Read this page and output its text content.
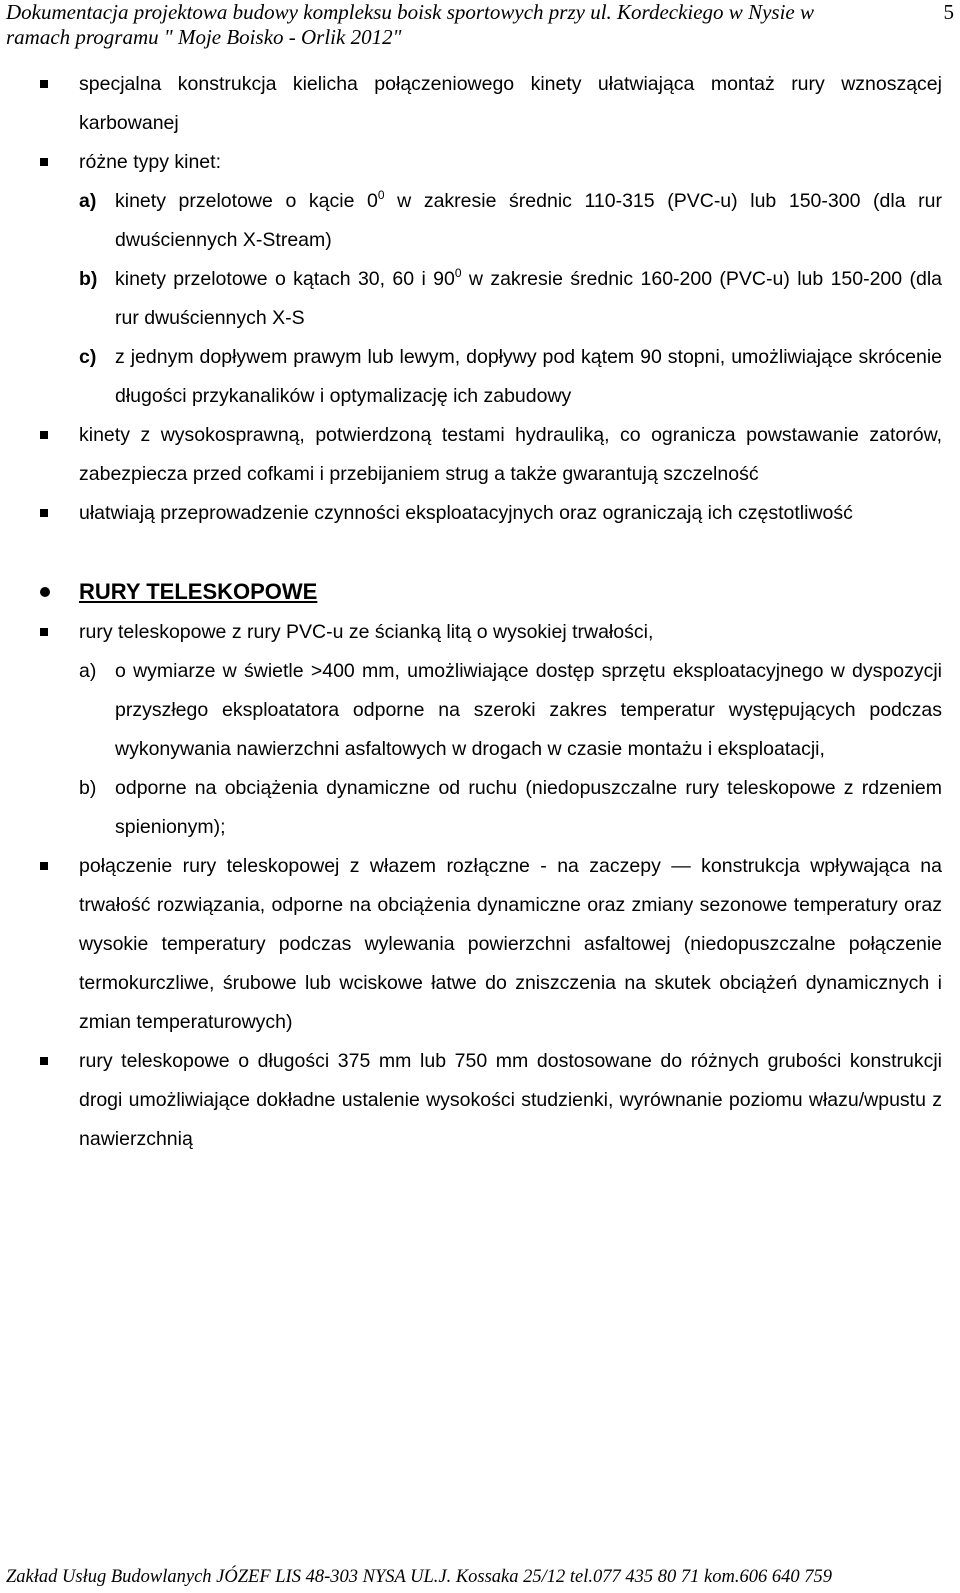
Dokumentacja projektowa budowy kompleksu boisk sportowych przy ul. Kordeckiego w Nysie w
ramach programu " Moje Boisko - Orlik 2012"
5
specjalna konstrukcja kielicha połączeniowego kinety ułatwiająca montaż rury wznoszącej karbowanej
różne typy kinet:
a) kinety przelotowe o kącie $0^0$ w zakresie średnic 110-315 (PVC-u) lub 150-300 (dla rur dwuściennych X-Stream)
b) kinety przelotowe o kątach 30, 60 i $90^0$ w zakresie średnic 160-200 (PVC-u) lub 150-200 (dla rur dwuściennych X-S
c) z jednym dopływem prawym lub lewym, dopływy pod kątem 90 stopni, umożliwiające skrócenie długości przykanalików i optymalizację ich zabudowy
kinety z wysokosprawną, potwierdzoną testami hydrauliką, co ogranicza powstawanie zatorów, zabezpiecza przed cofkami i przebijaniem strug a także gwarantują szczelność
ułatwiają przeprowadzenie czynności eksploatacyjnych oraz ograniczają ich częstotliwość
RURY TELESKOPOWE
rury teleskopowe z rury PVC-u ze ścianką litą o wysokiej trwałości,
a) o wymiarze w świetle >400 mm, umożliwiające dostęp sprzętu eksploatacyjnego w dyspozycji przyszłego eksploatatora odporne na szeroki zakres temperatur występujących podczas wykonywania nawierzchni asfaltowych w drogach w czasie montażu i eksploatacji,
b) odporne na obciążenia dynamiczne od ruchu (niedopuszczalne rury teleskopowe z rdzeniem spienionym);
połączenie rury teleskopowej z włazem rozłączne - na zaczepy — konstrukcja wpływająca na trwałość rozwiązania, odporne na obciążenia dynamiczne oraz zmiany sezonowe temperatury oraz wysokie temperatury podczas wylewania powierzchni asfaltowej (niedopuszczalne połączenie termokurczliwe, śrubowe lub wciskowe łatwe do zniszczenia na skutek obciążeń dynamicznych i zmian temperaturowych)
rury teleskopowe o długości 375 mm lub 750 mm dostosowane do różnych grubości konstrukcji drogi umożliwiające dokładne ustalenie wysokości studzienki, wyrównanie poziomu włazu/wpustu z nawierzchnią
Zakład Usług Budowlanych JÓZEF LIS 48-303 NYSA UL.J. Kossaka 25/12 tel.077 435 80 71 kom.606 640 759
